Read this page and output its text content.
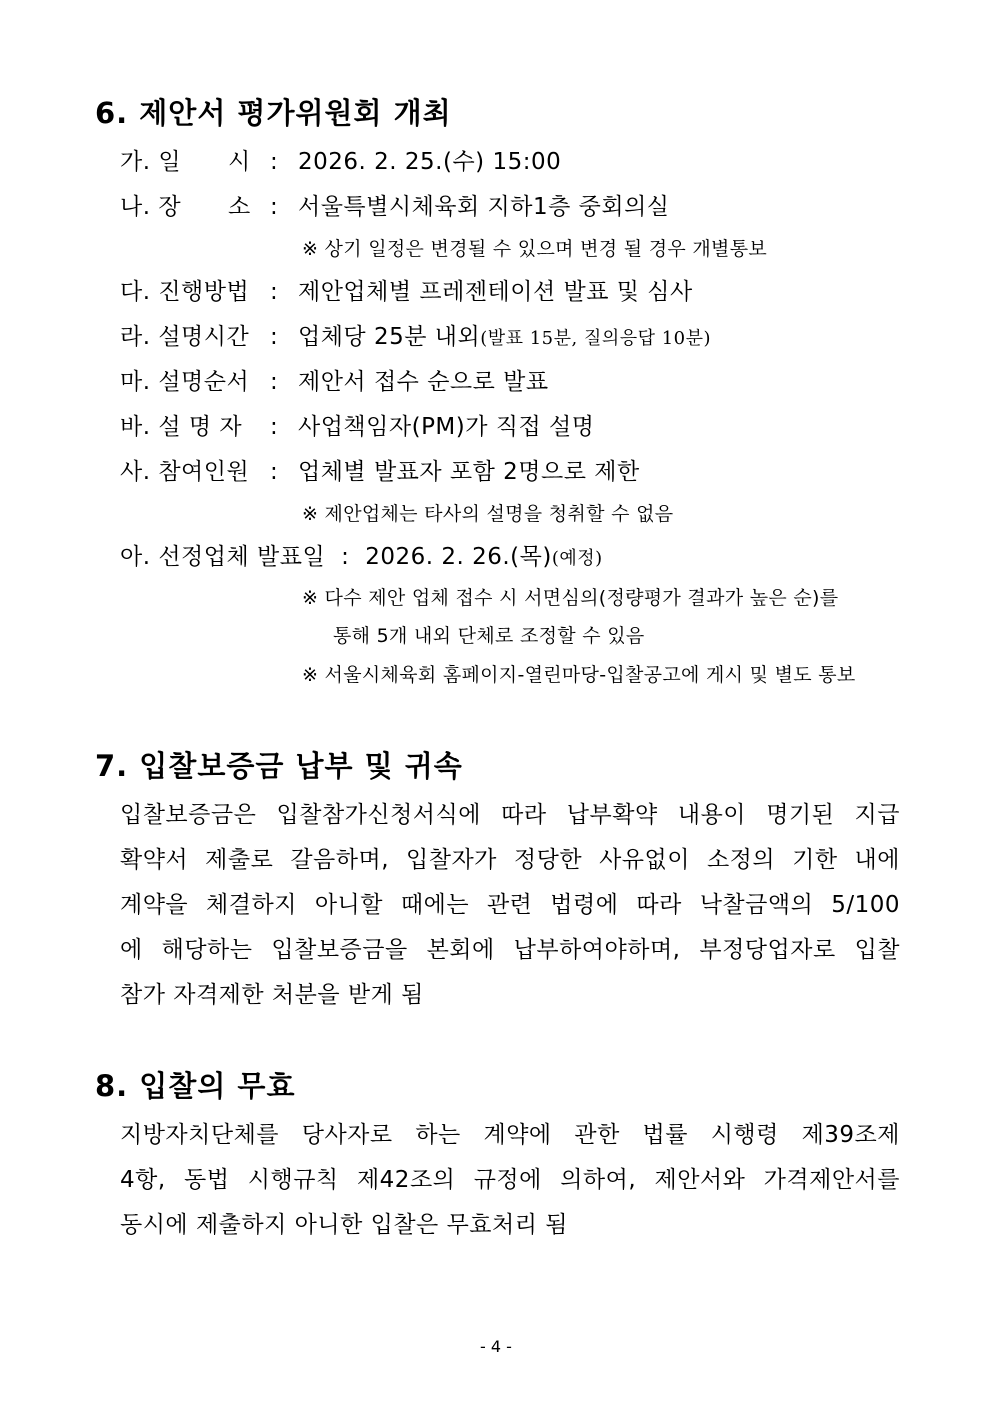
6. 제안서 평가위원회 개최
가. 일　　시 : 2026. 2. 25.(수) 15:00
나. 장　　소 : 서울특별시체육회 지하1층 중회의실
※ 상기 일정은 변경될 수 있으며 변경 될 경우 개별통보
다. 진행방법 : 제안업체별 프레젠테이션 발표 및 심사
라. 설명시간 : 업체당 25분 내외(발표 15분, 질의응답 10분)
마. 설명순서 : 제안서 접수 순으로 발표
바. 설 명 자 : 사업책임자(PM)가 직접 설명
사. 참여인원 : 업체별 발표자 포함 2명으로 제한
※ 제안업체는 타사의 설명을 청취할 수 없음
아. 선정업체 발표일 : 2026. 2. 26.(목)(예정)
※ 다수 제안 업체 접수 시 서면심의(정량평가 결과가 높은 순)를
통해 5개 내외 단체로 조정할 수 있음
※ 서울시체육회 홈페이지-열린마당-입찰공고에 게시 및 별도 통보
7. 입찰보증금 납부 및 귀속
입찰보증금은 입찰참가신청서식에 따라 납부확약 내용이 명기된 지급
확약서 제출로 갈음하며, 입찰자가 정당한 사유없이 소정의 기한 내에
계약을 체결하지 아니할 때에는 관련 법령에 따라 낙찰금액의 5/100
에 해당하는 입찰보증금을 본회에 납부하여야하며, 부정당업자로 입찰
참가 자격제한 처분을 받게 됨
8. 입찰의 무효
지방자치단체를 당사자로 하는 계약에 관한 법률 시행령 제39조제
4항, 동법 시행규칙 제42조의 규정에 의하여, 제안서와 가격제안서를
동시에 제출하지 아니한 입찰은 무효처리 됨
- 4 -
